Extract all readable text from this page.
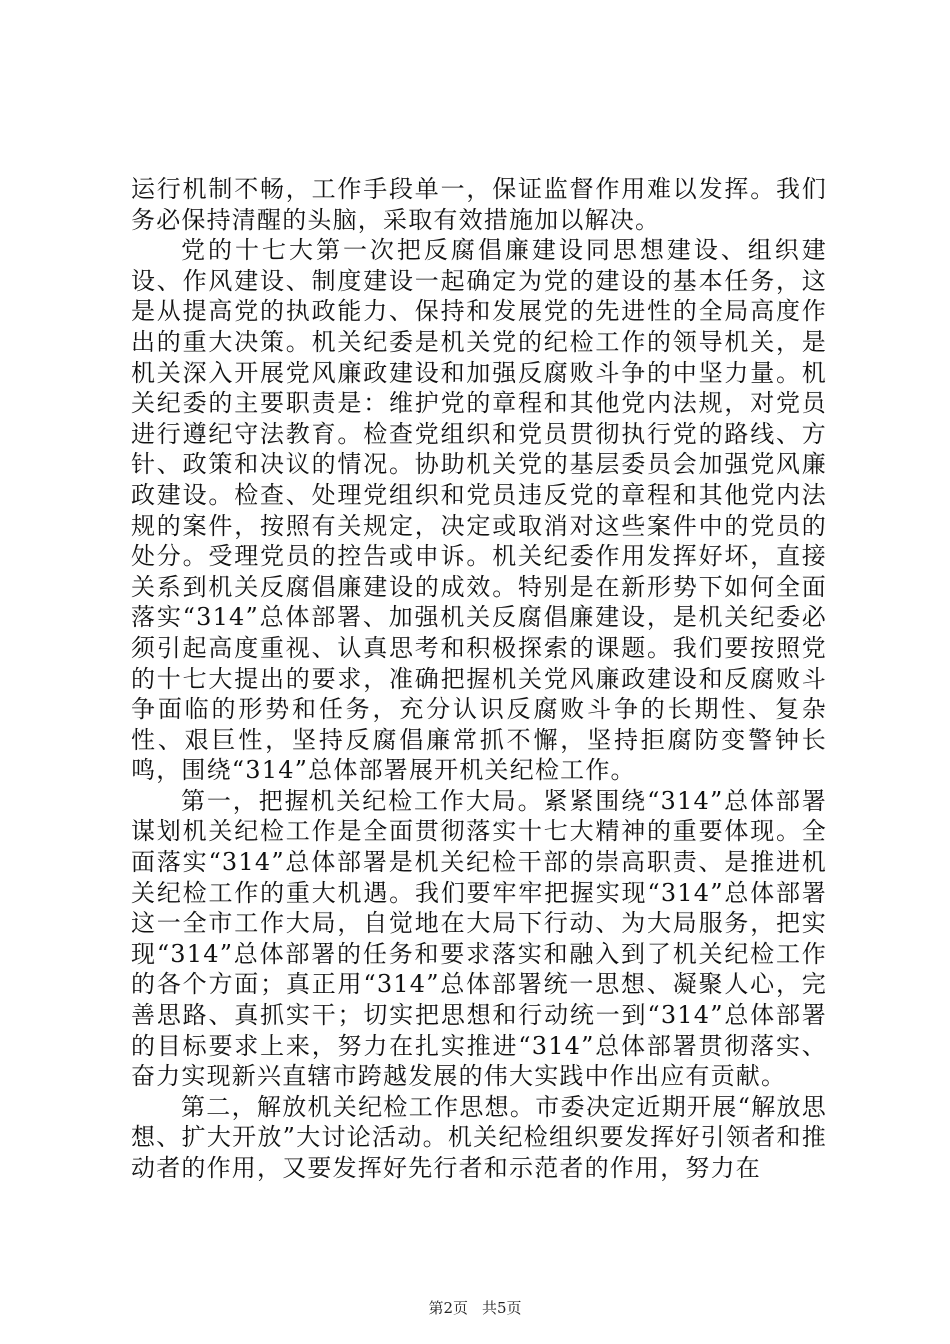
运行机制不畅，工作手段单一，保证监督作用难以发挥。我们务必保持清醒的头脑，采取有效措施加以解决。

党的十七大第一次把反腐倡廉建设同思想建设、组织建设、作风建设、制度建设一起确定为党的建设的基本任务，这是从提高党的执政能力、保持和发展党的先进性的全局高度作出的重大决策。机关纪委是机关党的纪检工作的领导机关，是机关深入开展党风廉政建设和加强反腐败斗争的中坚力量。机关纪委的主要职责是：维护党的章程和其他党内法规，对党员进行遵纪守法教育。检查党组织和党员贯彻执行党的路线、方针、政策和决议的情况。协助机关党的基层委员会加强党风廉政建设。检查、处理党组织和党员违反党的章程和其他党内法规的案件，按照有关规定，决定或取消对这些案件中的党员的处分。受理党员的控告或申诉。机关纪委作用发挥好坏，直接关系到机关反腐倡廉建设的成效。特别是在新形势下如何全面落实“314”总体部署、加强机关反腐倡廉建设，是机关纪委必须引起高度重视、认真思考和积极探索的课题。我们要按照党的十七大提出的要求，准确把握机关党风廉政建设和反腐败斗争面临的形势和任务，充分认识反腐败斗争的长期性、复杂性、艰巨性，坚持反腐倡廉常抓不懈，坚持拒腐防变警钟长鸣，围绕“314”总体部署展开机关纪检工作。

第一，把握机关纪检工作大局。紧紧围绕“314”总体部署谋划机关纪检工作是全面贯彻落实十七大精神的重要体现。全面落实“314”总体部署是机关纪检干部的崇高职责、是推进机关纪检工作的重大机遇。我们要牢牢把握实现“314”总体部署这一全市工作大局，自觉地在大局下行动、为大局服务，把实现“314”总体部署的任务和要求落实和融入到了机关纪检工作的各个方面；真正用“314”总体部署统一思想、凝聚人心，完善思路、真抓实干；切实把思想和行动统一到“314”总体部署的目标要求上来，努力在扎实推进“314”总体部署贯彻落实、奋力实现新兴直辖市跨越发展的伟大实践中作出应有贡献。

第二，解放机关纪检工作思想。市委决定近期开展“解放思想、扩大开放”大讨论活动。机关纪检组织要发挥好引领者和推动者的作用，又要发挥好先行者和示范者的作用，努力在

第2页 共5页
